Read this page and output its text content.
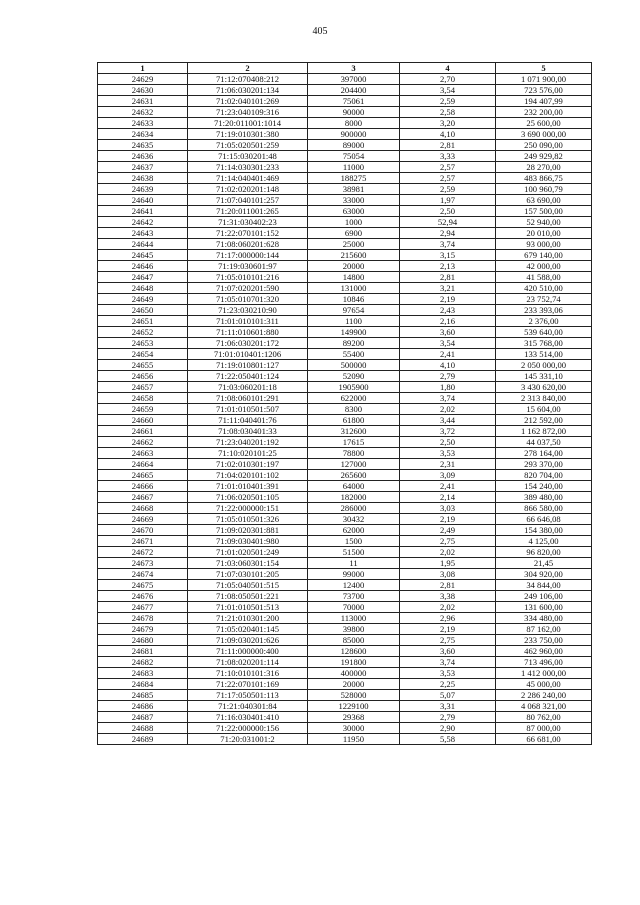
405
1	2	3	4	5
24629	71:12:070408:212	397000	2,70	1 071 900,00
24630	71:06:030201:134	204400	3,54	723 576,00
24631	71:02:040101:269	75061	2,59	194 407,99
24632	71:23:040109:316	90000	2,58	232 200,00
24633	71:20:011001:1014	8000	3,20	25 600,00
24634	71:19:010301:380	900000	4,10	3 690 000,00
24635	71:05:020501:259	89000	2,81	250 090,00
24636	71:15:030201:48	75054	3,33	249 929,82
24637	71:14:030301:233	11000	2,57	28 270,00
24638	71:14:040401:469	188275	2,57	483 866,75
24639	71:02:020201:148	38981	2,59	100 960,79
24640	71:07:040101:257	33000	1,97	63 690,00
24641	71:20:011001:265	63000	2,50	157 500,00
24642	71:31:030402:23	1000	52,94	52 940,00
24643	71:22:070101:152	6900	2,94	20 010,00
24644	71:08:060201:628	25000	3,74	93 000,00
24645	71:17:000000:144	215600	3,15	679 140,00
24646	71:19:030601:97	20000	2,13	42 000,00
24647	71:05:010101:216	14800	2,81	41 588,00
24648	71:07:020201:590	131000	3,21	420 510,00
24649	71:05:010701:320	10846	2,19	23 752,74
24650	71:23:030210:90	97654	2,43	233 393,06
24651	71:01:010101:311	1100	2,16	2 376,00
24652	71:11:010601:880	149900	3,60	539 640,00
24653	71:06:030201:172	89200	3,54	315 768,00
24654	71:01:010401:1206	55400	2,41	133 514,00
24655	71:19:010801:127	500000	4,10	2 050 000,00
24656	71:22:050401:124	52090	2,79	145 331,10
24657	71:03:060201:18	1905900	1,80	3 430 620,00
24658	71:08:060101:291	622000	3,74	2 313 840,00
24659	71:01:010501:507	8300	2,02	15 604,00
24660	71:11:040401:76	61800	3,44	212 592,00
24661	71:08:030401:33	312600	3,72	1 162 872,00
24662	71:23:040201:192	17615	2,50	44 037,50
24663	71:10:020101:25	78800	3,53	278 164,00
24664	71:02:010301:197	127000	2,31	293 370,00
24665	71:04:020101:102	265600	3,09	820 704,00
24666	71:01:010401:391	64000	2,41	154 240,00
24667	71:06:020501:105	182000	2,14	389 480,00
24668	71:22:000000:151	286000	3,03	866 580,00
24669	71:05:010501:326	30432	2,19	66 646,08
24670	71:09:020301:881	62000	2,49	154 380,00
24671	71:09:030401:980	1500	2,75	4 125,00
24672	71:01:020501:249	51500	2,02	96 820,00
24673	71:03:060301:154	11	1,95	21,45
24674	71:07:030101:205	99000	3,08	304 920,00
24675	71:05:040501:515	12400	2,81	34 844,00
24676	71:08:050501:221	73700	3,38	249 106,00
24677	71:01:010501:513	70000	2,02	131 600,00
24678	71:21:010301:200	113000	2,96	334 480,00
24679	71:05:020401:145	39800	2,19	87 162,00
24680	71:09:030201:626	85000	2,75	233 750,00
24681	71:11:000000:400	128600	3,60	462 960,00
24682	71:08:020201:114	191800	3,74	713 496,00
24683	71:10:010101:316	400000	3,53	1 412 000,00
24684	71:22:070101:169	20000	2,25	45 000,00
24685	71:17:050501:113	528000	5,07	2 286 240,00
24686	71:21:040301:84	1229100	3,31	4 068 321,00
24687	71:16:030401:410	29368	2,79	80 762,00
24688	71:22:000000:156	30000	2,90	87 000,00
24689	71:20:031001:2	11950	5,58	66 681,00
